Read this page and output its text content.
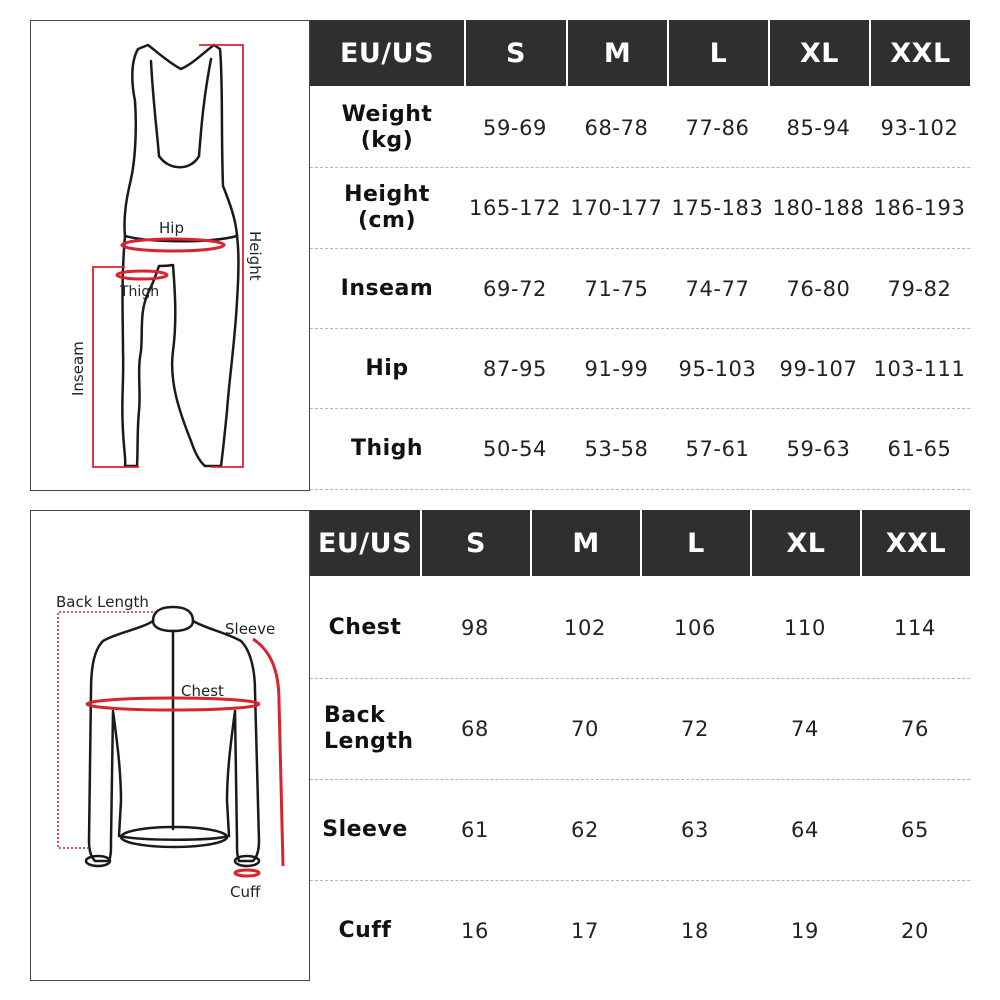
Hip
Thigh
Height
Inseam
EU/US	S	M	L	XL	XXL
Weight
(kg)	59-69	68-78	77-86	85-94	93-102
Height
(cm)	165-172 170-177 175-183 180-188 186-193
Inseam	69-72	71-75	74-77	76-80	79-82
Hip	87-95	91-99	95-103	99-107 103-111
Thigh	50-54	53-58	57-61	59-63	61-65
Back Length
Sleeve
Chest
Cuff
EU/US	S	M	L	XL	XXL
Chest	98	102	106	110	114
Back
Length	68	70	72	74	76
Sleeve	61	62	63	64	65
Cuff	16	17	18	19	20
